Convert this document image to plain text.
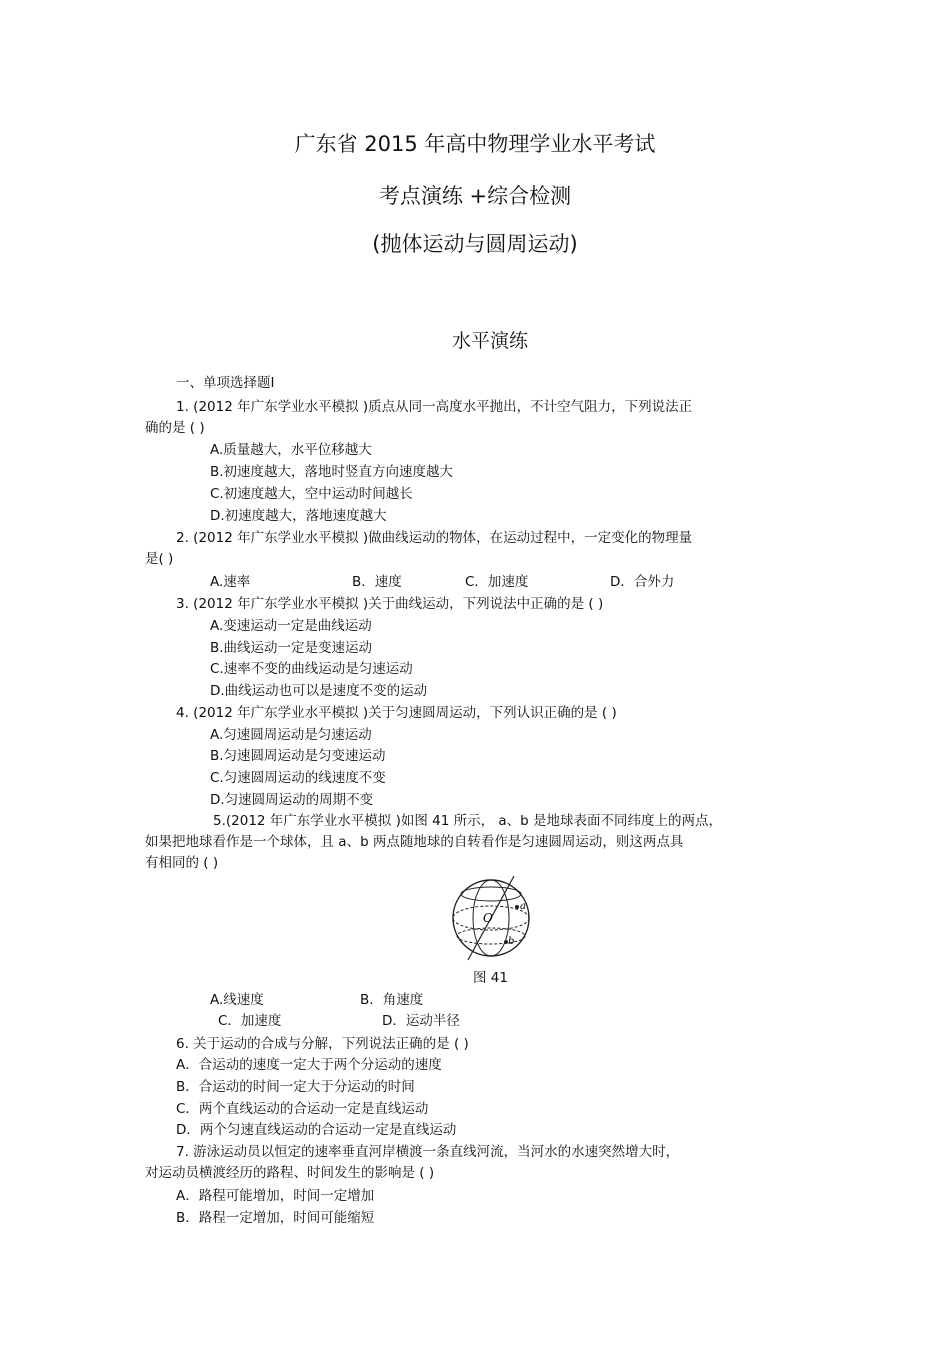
广东省 2015 年高中物理学业水平考试
考点演练 +综合检测
(抛体运动与圆周运动)
水平演练
一、单项选择题Ⅰ
1. (2012 年广东学业水平模拟 )质点从同一高度水平抛出，不计空气阻力，下列说法正
确的是 ( )
A.质量越大，水平位移越大
B.初速度越大，落地时竖直方向速度越大
C.初速度越大，空中运动时间越长
D.初速度越大，落地速度越大
2. (2012 年广东学业水平模拟 )做曲线运动的物体，在运动过程中，一定变化的物理量
是( )
A.速率	B．速度	C．加速度	D．合外力
3. (2012 年广东学业水平模拟 )关于曲线运动，下列说法中正确的是 ( )
A.变速运动一定是曲线运动
B.曲线运动一定是变速运动
C.速率不变的曲线运动是匀速运动
D.曲线运动也可以是速度不变的运动
4. (2012 年广东学业水平模拟 )关于匀速圆周运动，下列认识正确的是 ( )
A.匀速圆周运动是匀速运动
B.匀速圆周运动是匀变速运动
C.匀速圆周运动的线速度不变
D.匀速圆周运动的周期不变
5.(2012 年广东学业水平模拟 )如图 41 所示， a、b 是地球表面不同纬度上的两点，
如果把地球看作是一个球体，且 a、b 两点随地球的自转看作是匀速圆周运动，则这两点具
有相同的 ( )
O
a
b
图 41
A.线速度	B．角速度
C．加速度	D．运动半径
6. 关于运动的合成与分解，下列说法正确的是 ( )
A．合运动的速度一定大于两个分运动的速度
B．合运动的时间一定大于分运动的时间
C．两个直线运动的合运动一定是直线运动
D．两个匀速直线运动的合运动一定是直线运动
7. 游泳运动员以恒定的速率垂直河岸横渡一条直线河流，当河水的水速突然增大时，
对运动员横渡经历的路程、时间发生的影响是 ( )
A．路程可能增加，时间一定增加
B．路程一定增加，时间可能缩短
